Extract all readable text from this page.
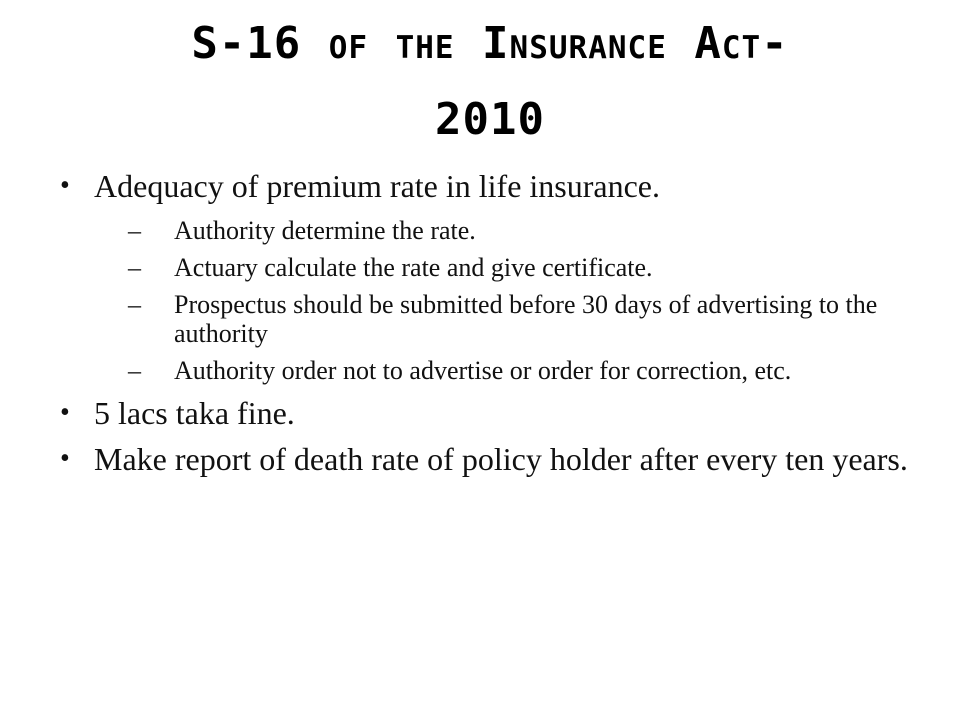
S-16 of the Insurance Act-
2010
• Adequacy of premium rate in life insurance.
– Authority determine the rate.
– Actuary calculate the rate and give certificate.
– Prospectus should be submitted before 30 days of advertising to the authority
– Authority order not to advertise or order for correction, etc.
• 5 lacs taka fine.
• Make report of death rate of policy holder after every ten years.
